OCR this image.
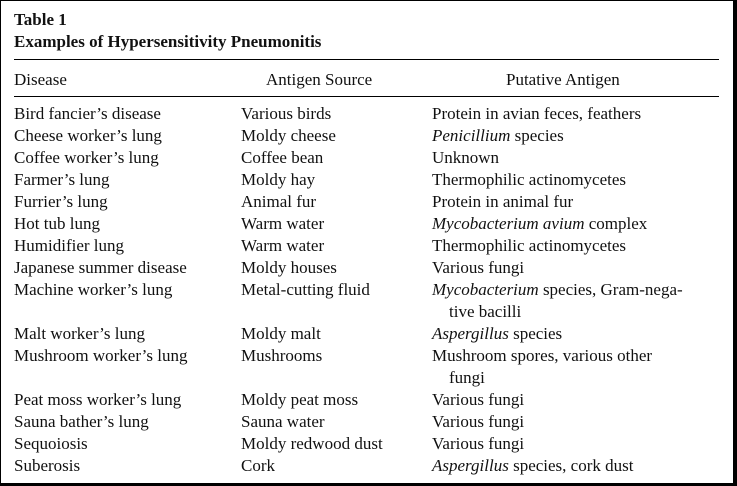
Table 1
Examples of Hypersensitivity Pneumonitis
Disease	Antigen Source	Putative Antigen
Bird fancier’s disease	Various birds	Protein in avian feces, feathers
Cheese worker’s lung	Moldy cheese	Penicillium species
Coffee worker’s lung	Coffee bean	Unknown
Farmer’s lung	Moldy hay	Thermophilic actinomycetes
Furrier’s lung	Animal fur	Protein in animal fur
Hot tub lung	Warm water	Mycobacterium avium complex
Humidifier lung	Warm water	Thermophilic actinomycetes
Japanese summer disease	Moldy houses	Various fungi
Machine worker’s lung	Metal-cutting fluid	Mycobacterium species, Gram-nega-
tive bacilli
Malt worker’s lung	Moldy malt	Aspergillus species
Mushroom worker’s lung	Mushrooms	Mushroom spores, various other
fungi
Peat moss worker’s lung	Moldy peat moss	Various fungi
Sauna bather’s lung	Sauna water	Various fungi
Sequoiosis	Moldy redwood dust	Various fungi
Suberosis	Cork	Aspergillus species, cork dust
